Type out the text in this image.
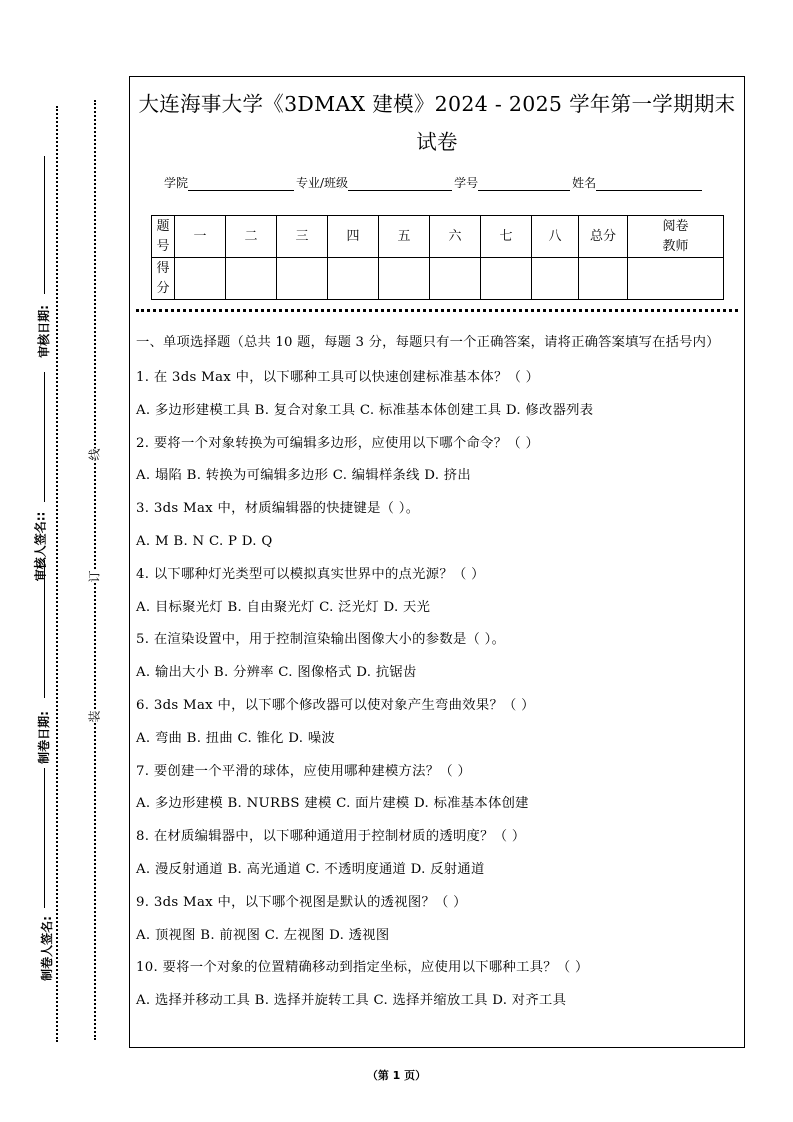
制卷人签名:
制卷日期:
审核人签名::
审核日期:
装
订
线
大连海事大学《3DMAX 建模》2024 - 2025 学年第一学期期末试卷
学院	专业/班级	学号	姓名
题号	一	二	三	四	五	六	七	八	总分	阅卷教师
得分										
一、单项选择题（总共 10 题，每题 3 分，每题只有一个正确答案，请将正确答案填写在括号内）
1. 在 3ds Max 中，以下哪种工具可以快速创建标准基本体？（ ）
A. 多边形建模工具 B. 复合对象工具 C. 标准基本体创建工具 D. 修改器列表
2. 要将一个对象转换为可编辑多边形，应使用以下哪个命令？（ ）
A. 塌陷 B. 转换为可编辑多边形 C. 编辑样条线 D. 挤出
3. 3ds Max 中，材质编辑器的快捷键是（ ）。
A. M B. N C. P D. Q
4. 以下哪种灯光类型可以模拟真实世界中的点光源？（ ）
A. 目标聚光灯 B. 自由聚光灯 C. 泛光灯 D. 天光
5. 在渲染设置中，用于控制渲染输出图像大小的参数是（ ）。
A. 输出大小 B. 分辨率 C. 图像格式 D. 抗锯齿
6. 3ds Max 中，以下哪个修改器可以使对象产生弯曲效果？（ ）
A. 弯曲 B. 扭曲 C. 锥化 D. 噪波
7. 要创建一个平滑的球体，应使用哪种建模方法？（ ）
A. 多边形建模 B. NURBS 建模 C. 面片建模 D. 标准基本体创建
8. 在材质编辑器中，以下哪种通道用于控制材质的透明度？（ ）
A. 漫反射通道 B. 高光通道 C. 不透明度通道 D. 反射通道
9. 3ds Max 中，以下哪个视图是默认的透视图？（ ）
A. 顶视图 B. 前视图 C. 左视图 D. 透视图
10. 要将一个对象的位置精确移动到指定坐标，应使用以下哪种工具？（ ）
A. 选择并移动工具 B. 选择并旋转工具 C. 选择并缩放工具 D. 对齐工具
（第 1 页）
